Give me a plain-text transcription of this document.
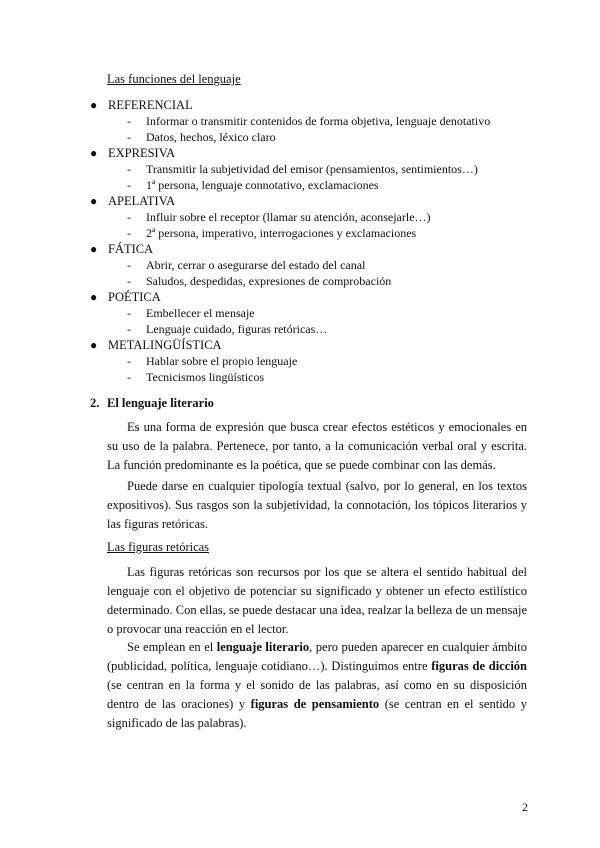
Las funciones del lenguaje
● REFERENCIAL
- Informar o transmitir contenidos de forma objetiva, lenguaje denotativo
- Datos, hechos, léxico claro
● EXPRESIVA
- Transmitir la subjetividad del emisor (pensamientos, sentimientos…)
- 1ª persona, lenguaje connotativo, exclamaciones
● APELATIVA
- Influir sobre el receptor (llamar su atención, aconsejarle…)
- 2ª persona, imperativo, interrogaciones y exclamaciones
● FÁTICA
- Abrir, cerrar o asegurarse del estado del canal
- Saludos, despedidas, expresiones de comprobación
● POÉTICA
- Embellecer el mensaje
- Lenguaje cuidado, figuras retóricas…
● METALINGÜÍSTICA
- Hablar sobre el propio lenguaje
- Tecnicismos lingüísticos
2. El lenguaje literario

Es una forma de expresión que busca crear efectos estéticos y emocionales en su uso de la palabra. Pertenece, por tanto, a la comunicación verbal oral y escrita. La función predominante es la poética, que se puede combinar con las demás.

Puede darse en cualquier tipología textual (salvo, por lo general, en los textos expositivos). Sus rasgos son la subjetividad, la connotación, los tópicos literarios y las figuras retóricas.

Las figuras retóricas

Las figuras retóricas son recursos por los que se altera el sentido habitual del lenguaje con el objetivo de potenciar su significado y obtener un efecto estilístico determinado. Con ellas, se puede destacar una idea, realzar la belleza de un mensaje o provocar una reacción en el lector.

Se emplean en el lenguaje literario, pero pueden aparecer en cualquier ámbito (publicidad, política, lenguaje cotidiano…). Distinguimos entre figuras de dicción (se centran en la forma y el sonido de las palabras, así como en su disposición dentro de las oraciones) y figuras de pensamiento (se centran en el sentido y significado de las palabras).

2
